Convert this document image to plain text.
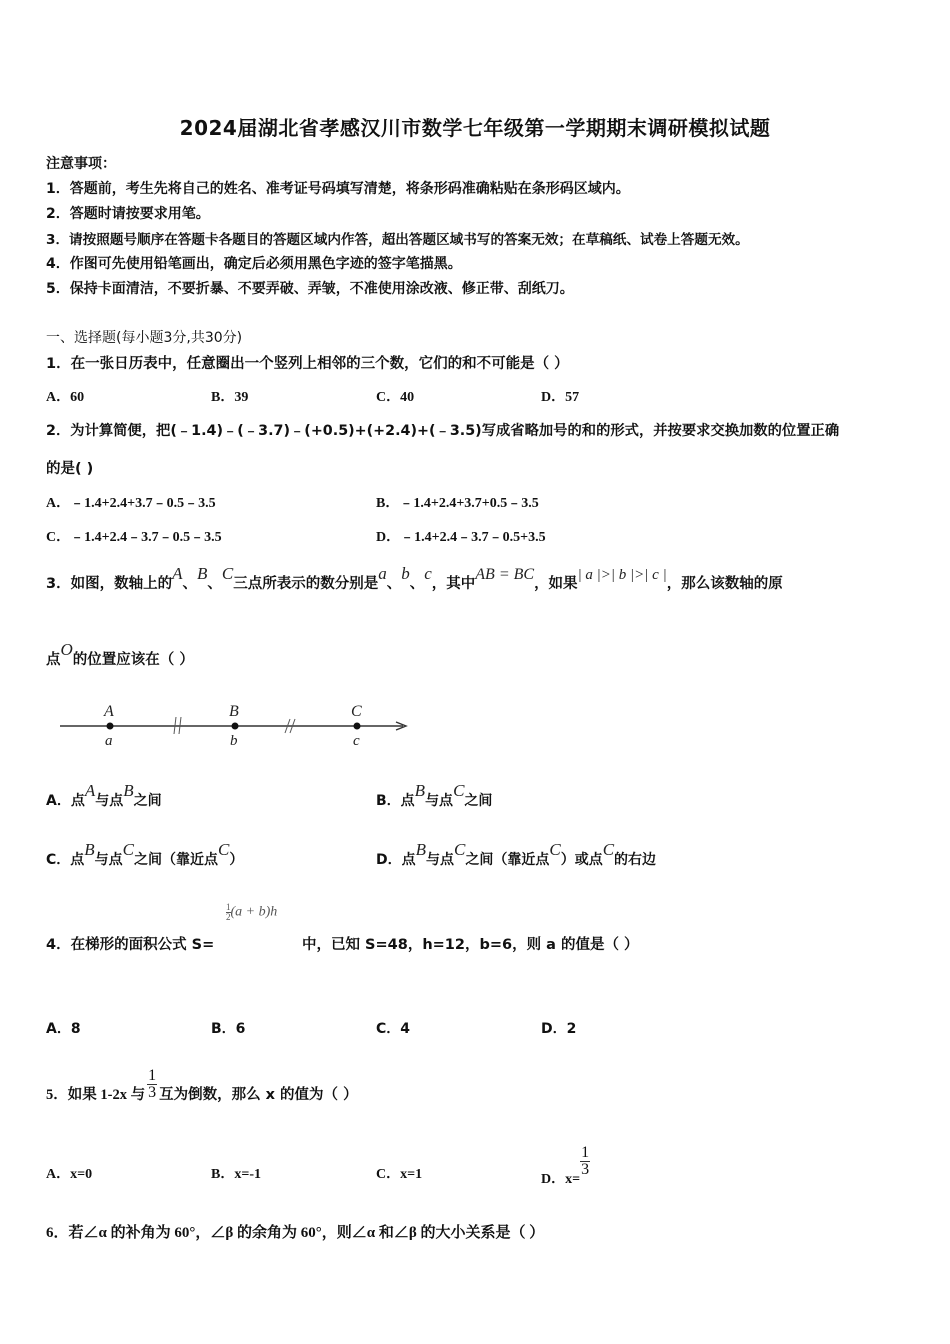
2024届湖北省孝感汉川市数学七年级第一学期期末调研模拟试题
注意事项：
1．答题前，考生先将自己的姓名、准考证号码填写清楚，将条形码准确粘贴在条形码区域内。
2．答题时请按要求用笔。
3．请按照题号顺序在答题卡各题目的答题区域内作答，超出答题区域书写的答案无效；在草稿纸、试卷上答题无效。
4．作图可先使用铅笔画出，确定后必须用黑色字迹的签字笔描黑。
5．保持卡面清洁，不要折暴、不要弄破、弄皱，不准使用涂改液、修正带、刮纸刀。
一、选择题(每小题3分,共30分)
1．在一张日历表中，任意圈出一个竖列上相邻的三个数，它们的和不可能是（ ）
A．60	B．39	C．40	D．57
2．为计算简便，把(﹣1.4)﹣(﹣3.7)﹣(+0.5)+(+2.4)+(﹣3.5)写成省略加号的和的形式，并按要求交换加数的位置正确
的是( )
A．﹣1.4+2.4+3.7﹣0.5﹣3.5	B．﹣1.4+2.4+3.7+0.5﹣3.5
C．﹣1.4+2.4﹣3.7﹣0.5﹣3.5	D．﹣1.4+2.4﹣3.7﹣0.5+3.5
3．如图，数轴上的A、B、C三点所表示的数分别是a、b、c，其中AB = BC，如果| a |>| b |>| c |，那么该数轴的原
点O的位置应该在（ ）
A	B	C
a	b	c
A．点A与点B之间	B．点B与点C之间
C．点B与点C之间（靠近点C）	D．点B与点C之间（靠近点C）或点C的右边
$\frac{1}{2} (a + b)h$
4．在梯形的面积公式 S=	中，已知 S=48，h=12，b=6，则 a 的值是（ ）
A．8	B．6	C．4	D．2
5．如果 1-2x 与 $\frac{1}{3}$ 互为倒数，那么 x 的值为（ ）
A．x=0	B．x=-1	C．x=1	D．x=
$\frac{1}{3}$
6．若∠α 的补角为 60°，∠β 的余角为 60°，则∠α 和∠β 的大小关系是（ ）
